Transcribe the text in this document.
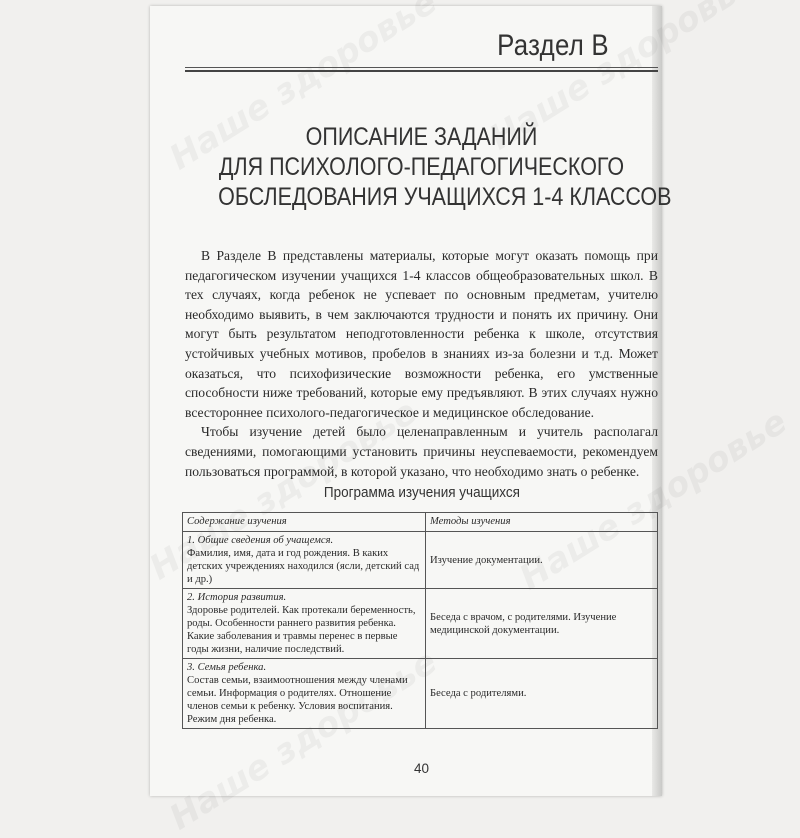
Раздел В
ОПИСАНИЕ ЗАДАНИЙ
ДЛЯ ПСИХОЛОГО-ПЕДАГОГИЧЕСКОГО
ОБСЛЕДОВАНИЯ УЧАЩИХСЯ 1-4 КЛАССОВ

В Разделе В представлены материалы, которые могут оказать помощь при педагогическом изучении учащихся 1-4 классов общеобразовательных школ. В тех случаях, когда ребенок не успевает по основным предметам, учителю необходимо выявить, в чем заключаются трудности и понять их причину. Они могут быть результатом неподготовленности ребенка к школе, отсутствия устойчивых учебных мотивов, пробелов в знаниях из-за болезни и т.д. Может оказаться, что психофизические возможности ребенка, его умственные способности ниже требований, которые ему предъявляют. В этих случаях нужно всестороннее психолого-педагогическое и медицинское обследование.

Чтобы изучение детей было целенаправленным и учитель располагал сведениями, помогающими установить причины неуспеваемости, рекомендуем пользоваться программой, в которой указано, что необходимо знать о ребенке.

Программа изучения учащихся
Содержание изучения	Методы изучения

1. Общие сведения об учащемся.
Фамилия, имя, дата и год рождения. В каких детских учреждениях находился (ясли, детский сад и др.)	Изучение документации.

2. История развития.
Здоровье родителей. Как протекали беременность, роды. Особенности раннего развития ребенка. Какие заболевания и травмы перенес в первые годы жизни, наличие последствий.	Беседа с врачом, с родителями. Изучение медицинской документации.

3. Семья ребенка.
Состав семьи, взаимоотношения между членами семьи. Информация о родителях. Отношение членов семьи к ребенку. Условия воспитания. Режим дня ребенка.	Беседа с родителями.
40
